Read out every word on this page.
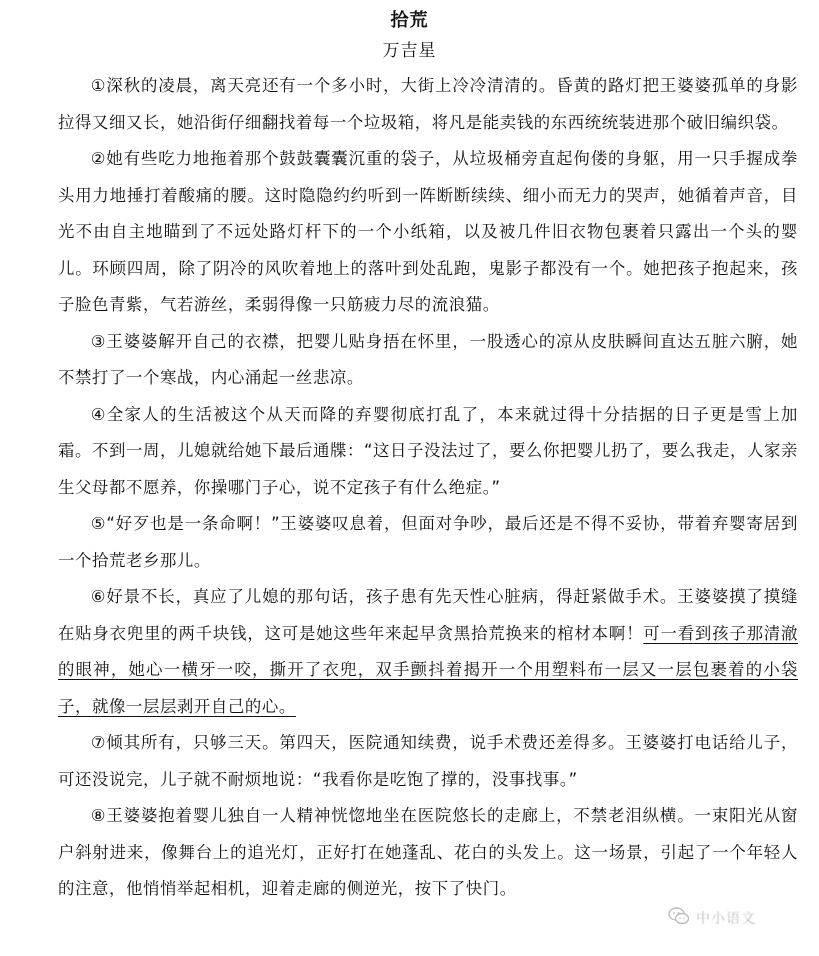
拾荒
万吉星

①深秋的凌晨，离天亮还有一个多小时，大街上冷冷清清的。昏黄的路灯把王婆婆孤单的身影拉得又细又长，她沿街仔细翻找着每一个垃圾箱，将凡是能卖钱的东西统统装进那个破旧编织袋。

②她有些吃力地拖着那个鼓鼓囊囊沉重的袋子，从垃圾桶旁直起佝偻的身躯，用一只手握成拳头用力地捶打着酸痛的腰。这时隐隐约约听到一阵断断续续、细小而无力的哭声，她循着声音，目光不由自主地瞄到了不远处路灯杆下的一个小纸箱，以及被几件旧衣物包裹着只露出一个头的婴儿。环顾四周，除了阴冷的风吹着地上的落叶到处乱跑，鬼影子都没有一个。她把孩子抱起来，孩子脸色青紫，气若游丝，柔弱得像一只筋疲力尽的流浪猫。

③王婆婆解开自己的衣襟，把婴儿贴身捂在怀里，一股透心的凉从皮肤瞬间直达五脏六腑，她不禁打了一个寒战，内心涌起一丝悲凉。

④全家人的生活被这个从天而降的弃婴彻底打乱了，本来就过得十分拮据的日子更是雪上加霜。不到一周，儿媳就给她下最后通牒：“这日子没法过了，要么你把婴儿扔了，要么我走，人家亲生父母都不愿养，你操哪门子心，说不定孩子有什么绝症。”

⑤“好歹也是一条命啊！”王婆婆叹息着，但面对争吵，最后还是不得不妥协，带着弃婴寄居到一个拾荒老乡那儿。

⑥好景不长，真应了儿媳的那句话，孩子患有先天性心脏病，得赶紧做手术。王婆婆摸了摸缝在贴身衣兜里的两千块钱，这可是她这些年来起早贪黑拾荒换来的棺材本啊！可一看到孩子那清澈的眼神，她心一横牙一咬，撕开了衣兜，双手颤抖着揭开一个用塑料布一层又一层包裹着的小袋子，就像一层层剥开自己的心。

⑦倾其所有，只够三天。第四天，医院通知续费，说手术费还差得多。王婆婆打电话给儿子，可还没说完，儿子就不耐烦地说：“我看你是吃饱了撑的，没事找事。”

⑧王婆婆抱着婴儿独自一人精神恍惚地坐在医院悠长的走廊上，不禁老泪纵横。一束阳光从窗户斜射进来，像舞台上的追光灯，正好打在她蓬乱、花白的头发上。这一场景，引起了一个年轻人的注意，他悄悄举起相机，迎着走廊的侧逆光，按下了快门。

中小语文
